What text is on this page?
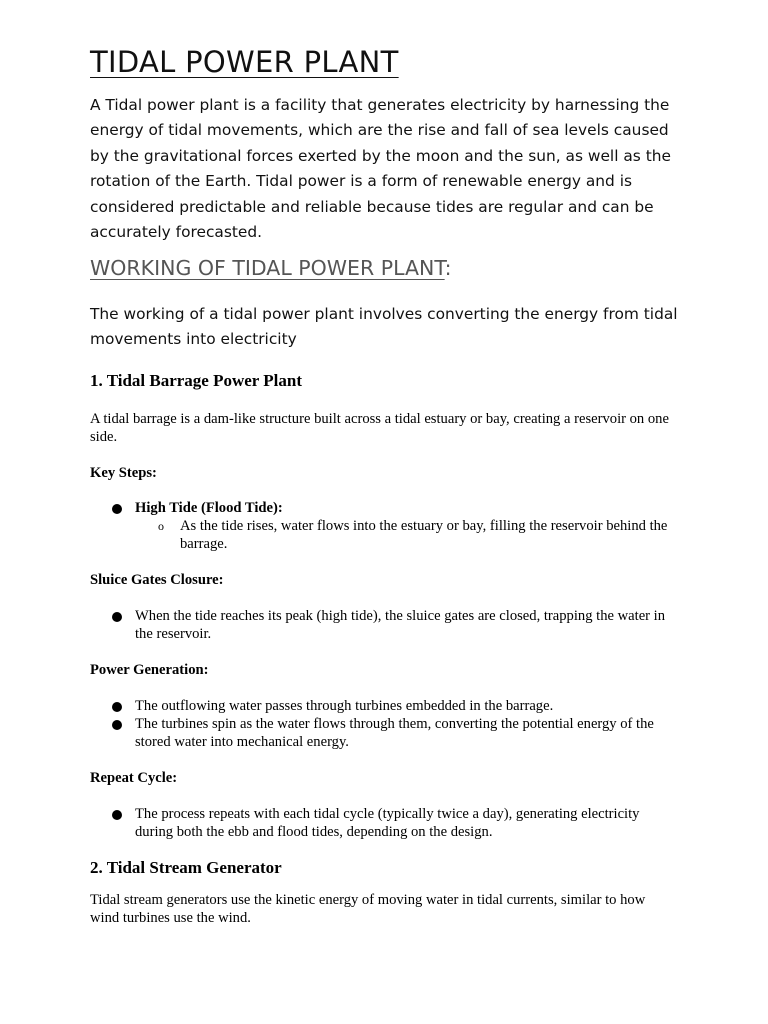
TIDAL POWER PLANT

A Tidal power plant is a facility that generates electricity by harnessing the energy of tidal movements, which are the rise and fall of sea levels caused by the gravitational forces exerted by the moon and the sun, as well as the rotation of the Earth. Tidal power is a form of renewable energy and is considered predictable and reliable because tides are regular and can be accurately forecasted.

WORKING OF TIDAL POWER PLANT:

The working of a tidal power plant involves converting the energy from tidal movements into electricity

1. Tidal Barrage Power Plant

A tidal barrage is a dam-like structure built across a tidal estuary or bay, creating a reservoir on one side.

Key Steps:

High Tide (Flood Tide):
o As the tide rises, water flows into the estuary or bay, filling the reservoir behind the barrage.

Sluice Gates Closure:

When the tide reaches its peak (high tide), the sluice gates are closed, trapping the water in the reservoir.

Power Generation:

The outflowing water passes through turbines embedded in the barrage.
The turbines spin as the water flows through them, converting the potential energy of the stored water into mechanical energy.

Repeat Cycle:

The process repeats with each tidal cycle (typically twice a day), generating electricity during both the ebb and flood tides, depending on the design.
2. Tidal Stream Generator

Tidal stream generators use the kinetic energy of moving water in tidal currents, similar to how wind turbines use the wind.
